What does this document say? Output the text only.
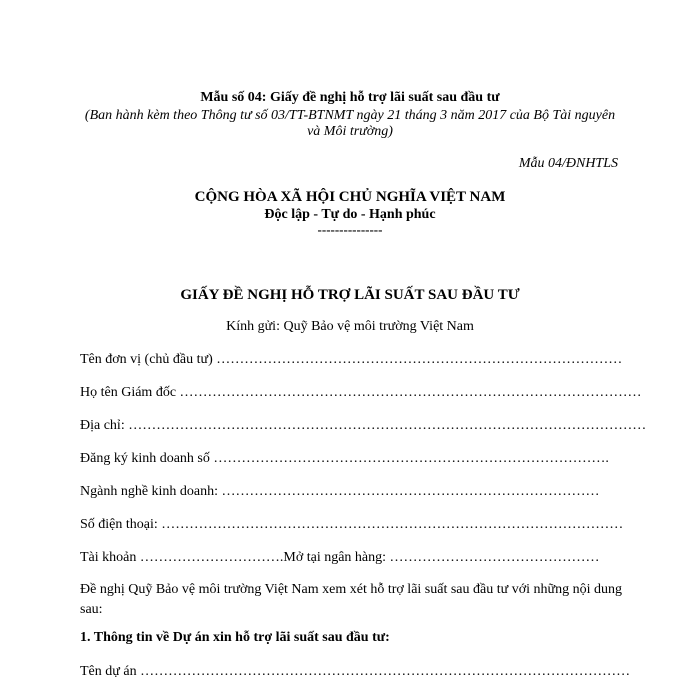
Mẫu số 04: Giấy đề nghị hỗ trợ lãi suất sau đầu tư
(Ban hành kèm theo Thông tư số 03/TT-BTNMT ngày 21 tháng 3 năm 2017 của Bộ Tài nguyên
và Môi trường)
Mẫu 04/ĐNHTLS
CỘNG HÒA XÃ HỘI CHỦ NGHĨA VIỆT NAM
Độc lập - Tự do - Hạnh phúc
---------------
GIẤY ĐỀ NGHỊ HỖ TRỢ LÃI SUẤT SAU ĐẦU TƯ
Kính gửi: Quỹ Bảo vệ môi trường Việt Nam
Tên đơn vị (chủ đầu tư) ……………………………………………………………………………
Họ tên Giám đốc ………………………………………………………………………………………
Địa chỉ: …………………………………………………………………………………………………
Đăng ký kinh doanh số ………………………………………………………………………….
Ngành nghề kinh doanh: ………………………………………………………………………
Số điện thoại: ………………………………………………………………………………………
Tài khoản ………………………….Mở tại ngân hàng: ………………………………………
Đề nghị Quỹ Bảo vệ môi trường Việt Nam xem xét hỗ trợ lãi suất sau đầu tư với những nội dung sau:
1. Thông tin về Dự án xin hỗ trợ lãi suất sau đầu tư:
Tên dự án ……………………………………………………………………………………………
